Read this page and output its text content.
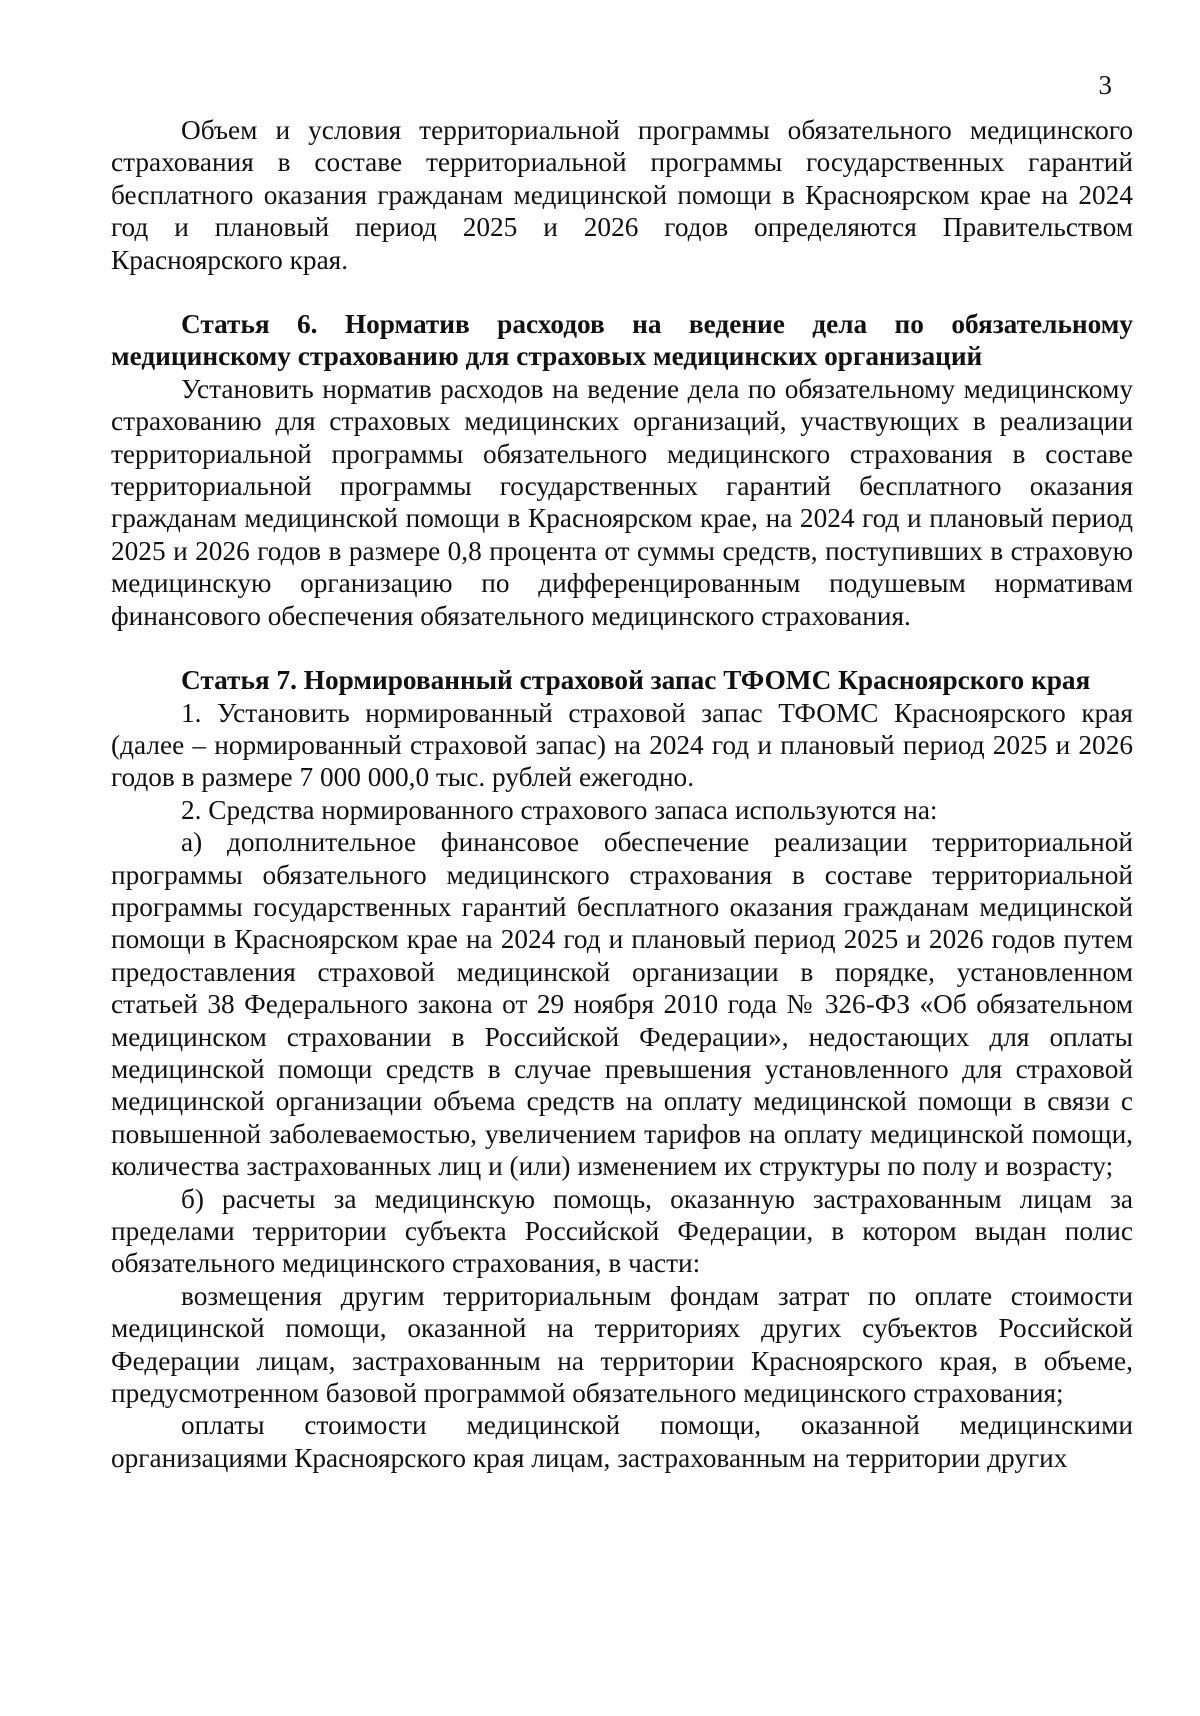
3

Объем и условия территориальной программы обязательного медицинского страхования в составе территориальной программы государственных гарантий бесплатного оказания гражданам медицинской помощи в Красноярском крае на 2024 год и плановый период 2025 и 2026 годов определяются Правительством Красноярского края.

Статья 6. Норматив расходов на ведение дела по обязательному медицинскому страхованию для страховых медицинских организаций

Установить норматив расходов на ведение дела по обязательному медицинскому страхованию для страховых медицинских организаций, участвующих в реализации территориальной программы обязательного медицинского страхования в составе территориальной программы государственных гарантий бесплатного оказания гражданам медицинской помощи в Красноярском крае, на 2024 год и плановый период 2025 и 2026 годов в размере 0,8 процента от суммы средств, поступивших в страховую медицинскую организацию по дифференцированным подушевым нормативам финансового обеспечения обязательного медицинского страхования.

Статья 7. Нормированный страховой запас ТФОМС Красноярского края

1. Установить нормированный страховой запас ТФОМС Красноярского края (далее – нормированный страховой запас) на 2024 год и плановый период 2025 и 2026 годов в размере 7 000 000,0 тыс. рублей ежегодно.

2. Средства нормированного страхового запаса используются на:

а) дополнительное финансовое обеспечение реализации территориальной программы обязательного медицинского страхования в составе территориальной программы государственных гарантий бесплатного оказания гражданам медицинской помощи в Красноярском крае на 2024 год и плановый период 2025 и 2026 годов путем предоставления страховой медицинской организации в порядке, установленном статьей 38 Федерального закона от 29 ноября 2010 года № 326-ФЗ «Об обязательном медицинском страховании в Российской Федерации», недостающих для оплаты медицинской помощи средств в случае превышения установленного для страховой медицинской организации объема средств на оплату медицинской помощи в связи с повышенной заболеваемостью, увеличением тарифов на оплату медицинской помощи, количества застрахованных лиц и (или) изменением их структуры по полу и возрасту;

б) расчеты за медицинскую помощь, оказанную застрахованным лицам за пределами территории субъекта Российской Федерации, в котором выдан полис обязательного медицинского страхования, в части:

возмещения другим территориальным фондам затрат по оплате стоимости медицинской помощи, оказанной на территориях других субъектов Российской Федерации лицам, застрахованным на территории Красноярского края, в объеме, предусмотренном базовой программой обязательного медицинского страхования;

оплаты стоимости медицинской помощи, оказанной медицинскими организациями Красноярского края лицам, застрахованным на территории других
